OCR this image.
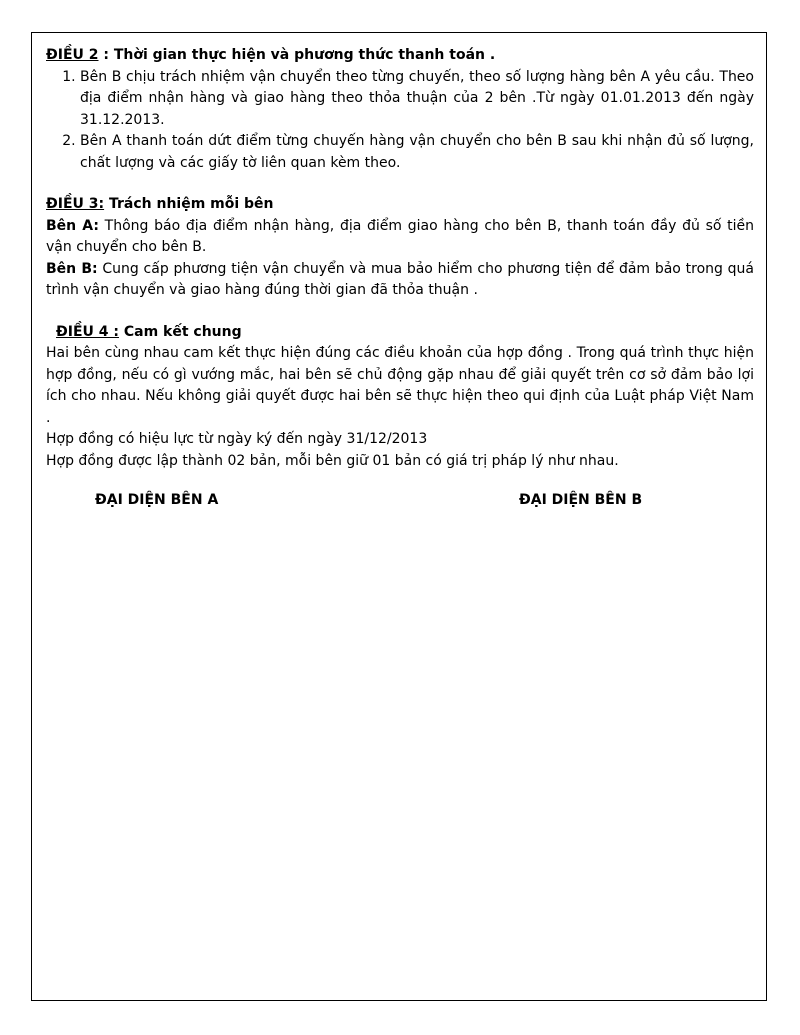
ĐIỀU 2 : Thời gian thực hiện và phương thức thanh toán .
1. Bên B chịu trách nhiệm vận chuyển theo từng chuyến, theo số lượng hàng bên A yêu cầu. Theo địa điểm nhận hàng và giao hàng theo thỏa thuận của 2 bên .Từ ngày 01.01.2013 đến ngày 31.12.2013.
2. Bên A thanh toán dứt điểm từng chuyến hàng vận chuyển cho bên B sau khi nhận đủ số lượng, chất lượng và các giấy tờ liên quan kèm theo.
ĐIỀU 3: Trách nhiệm mỗi bên

Bên A: Thông báo địa điểm nhận hàng, địa điểm giao hàng cho bên B, thanh toán đầy đủ số tiền vận chuyển cho bên B.

Bên B: Cung cấp phương tiện vận chuyển và mua bảo hiểm cho phương tiện để đảm bảo trong quá trình vận chuyển và giao hàng đúng thời gian đã thỏa thuận .

ĐIỀU 4 : Cam kết chung

Hai bên cùng nhau cam kết thực hiện đúng các điều khoản của hợp đồng . Trong quá trình thực hiện hợp đồng, nếu có gì vướng mắc, hai bên sẽ chủ động gặp nhau để giải quyết trên cơ sở đảm bảo lợi ích cho nhau. Nếu không giải quyết được hai bên sẽ thực hiện theo qui định của Luật pháp Việt Nam .

Hợp đồng có hiệu lực từ ngày ký đến ngày 31/12/2013

Hợp đồng được lập thành 02 bản, mỗi bên giữ 01 bản có giá trị pháp lý như nhau.

ĐẠI DIỆN BÊN A	ĐẠI DIỆN BÊN B
